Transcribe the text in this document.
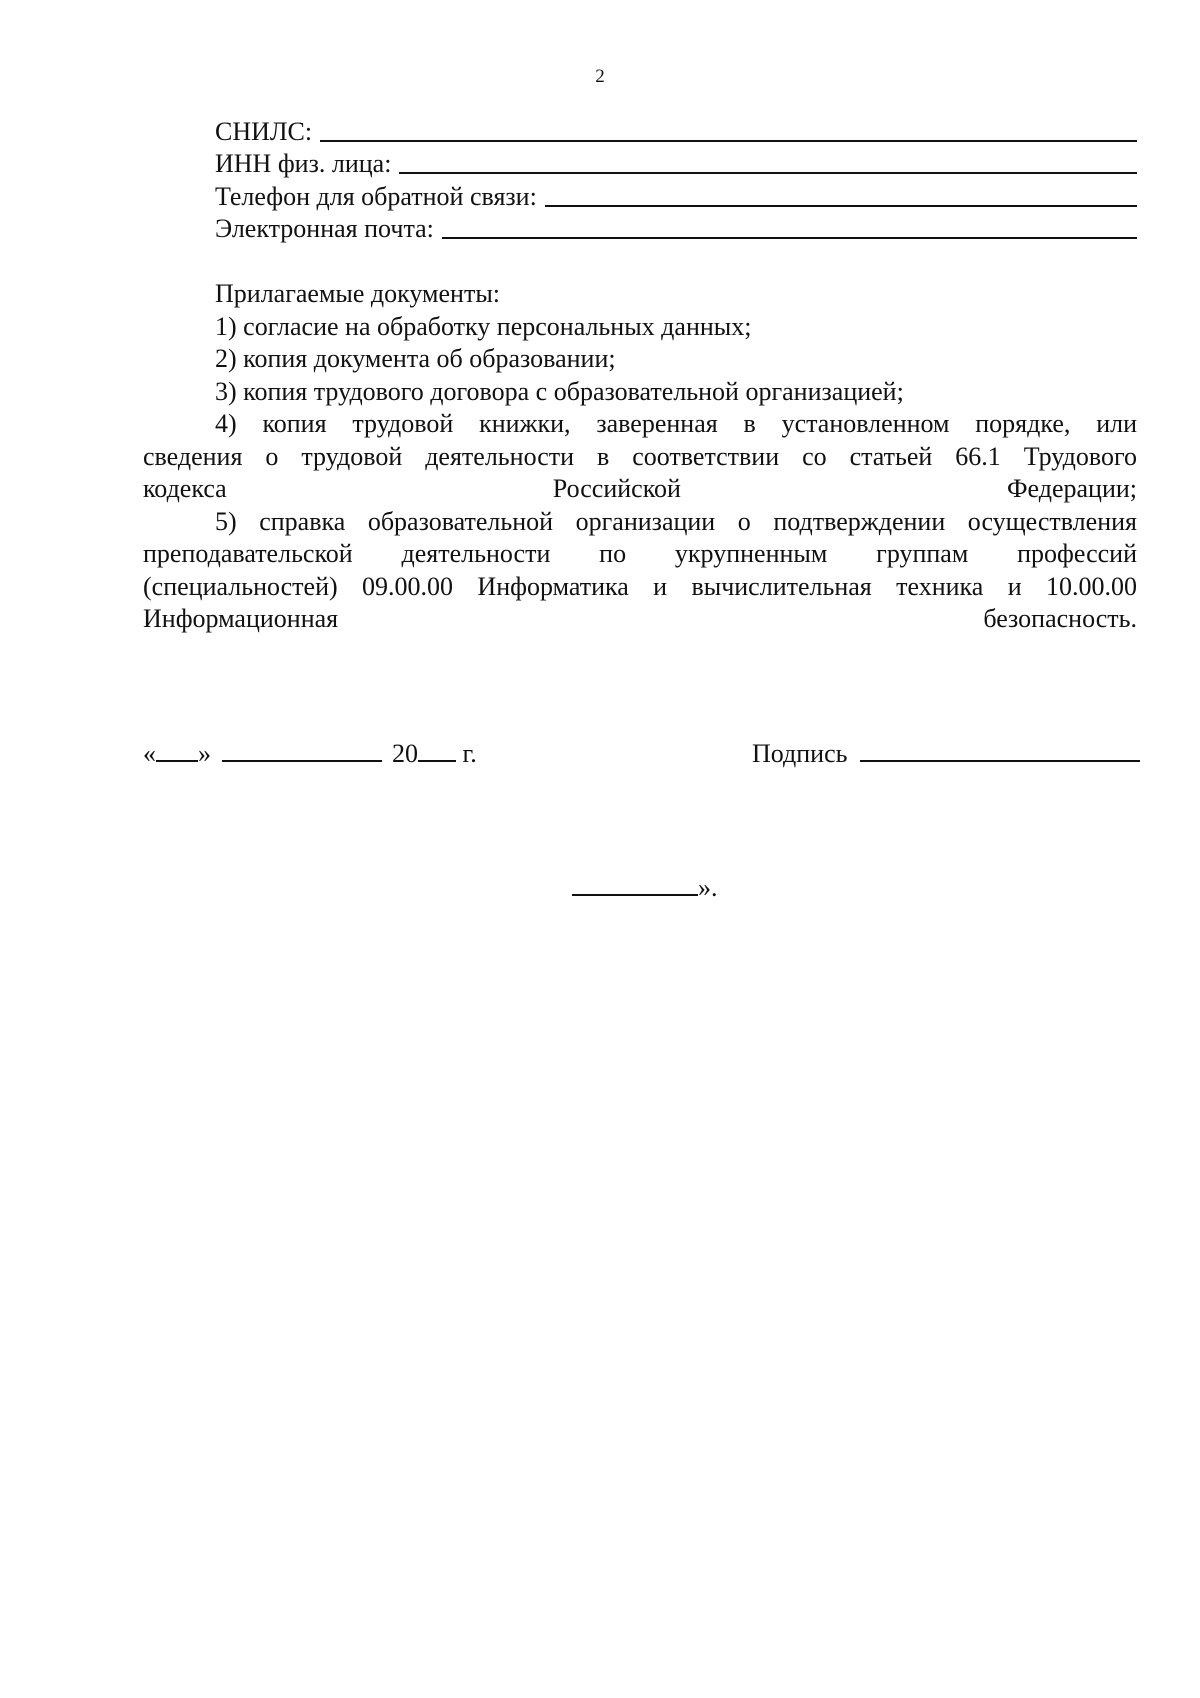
2
СНИЛС:
ИНН физ. лица:
Телефон для обратной связи:
Электронная почта:
Прилагаемые документы:
1) согласие на обработку персональных данных;
2) копия документа об образовании;
3) копия трудового договора с образовательной организацией;
4) копия трудовой книжки, заверенная в установленном порядке, или
сведения о трудовой деятельности в соответствии со статьей 66.1 Трудового
кодекса Российской Федерации;
5) справка образовательной организации о подтверждении осуществления
преподавательской деятельности по укрупненным группам профессий
(специальностей) 09.00.00 Информатика и вычислительная техника и 10.00.00
Информационная безопасность.
« »	20 г.	Подпись
».
